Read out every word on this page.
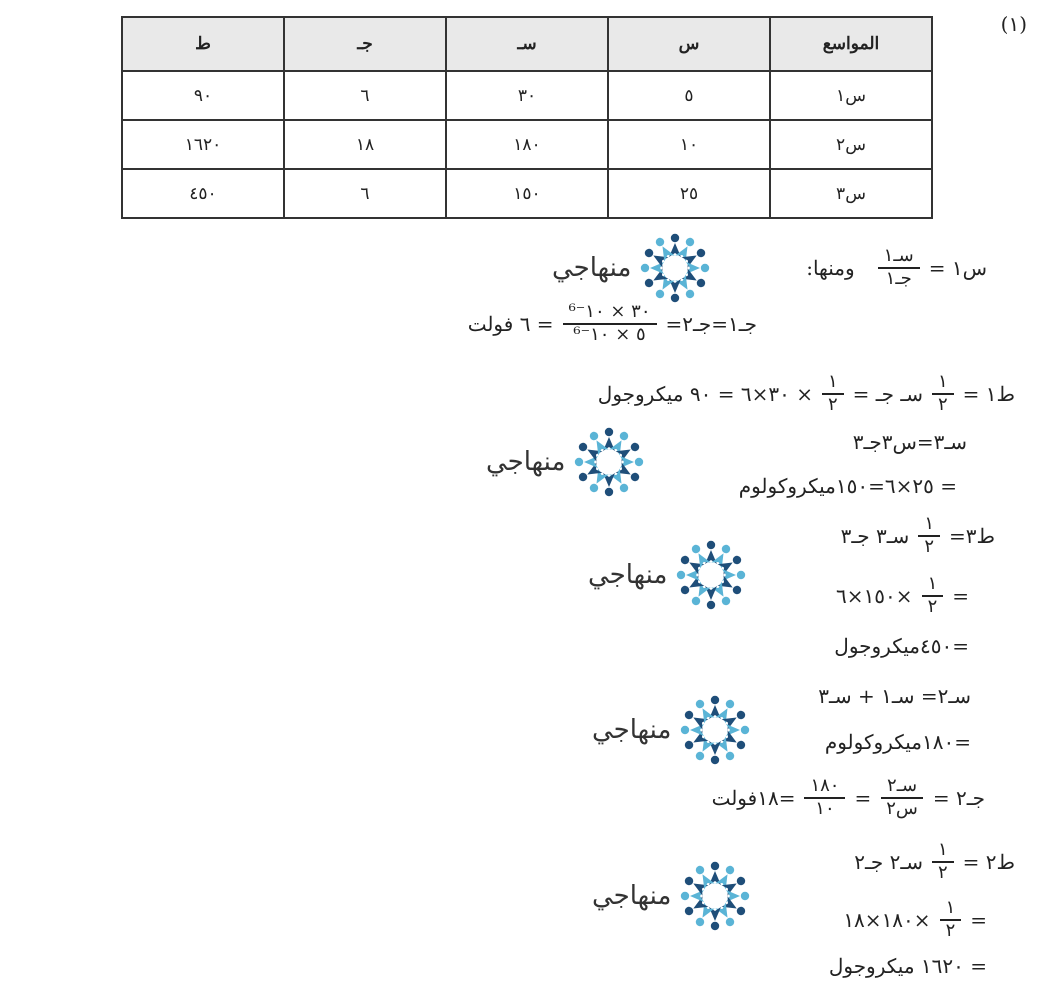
(١)
ط	جـ	سـ	س	المواسع
٩٠	٦	٣٠	٥	س١
١٦٢٠	١٨	١٨٠	١٠	س٢
٤٥٠	٦	١٥٠	٢٥	س٣
منهاجي
منهاجي
منهاجي
منهاجي
منهاجي
س١ =
$\frac{\text{سـ١}}{\text{جـ١}}$
ومنها:
جـ١=جـ٢=
$\frac{\text{٣٠ × ١٠⁻⁶}}{\text{٥ × ١٠⁻⁶}}$
= ٦ فولت
ط١ =
$\frac{١}{٢}$
سـ جـ =
$\frac{١}{٢}$
× ٣٠×٦ = ٩٠ ميكروجول
سـ٣=س٣جـ٣
= ٢٥×٦=١٥٠ميكروكولوم
ط٣=
$\frac{١}{٢}$
سـ٣ جـ٣
=
$\frac{١}{٢}$
×١٥٠×٦
=٤٥٠ميكروجول
سـ٢= سـ١ + سـ٣
=١٨٠ميكروكولوم
جـ٢ =
$\frac{\text{سـ٢}}{\text{س٢}}$
=
$\frac{١٨٠}{١٠}$
=١٨فولت
ط٢ =
$\frac{١}{٢}$
سـ٢ جـ٢
=
$\frac{١}{٢}$
×١٨٠×١٨
= ١٦٢٠ ميكروجول
